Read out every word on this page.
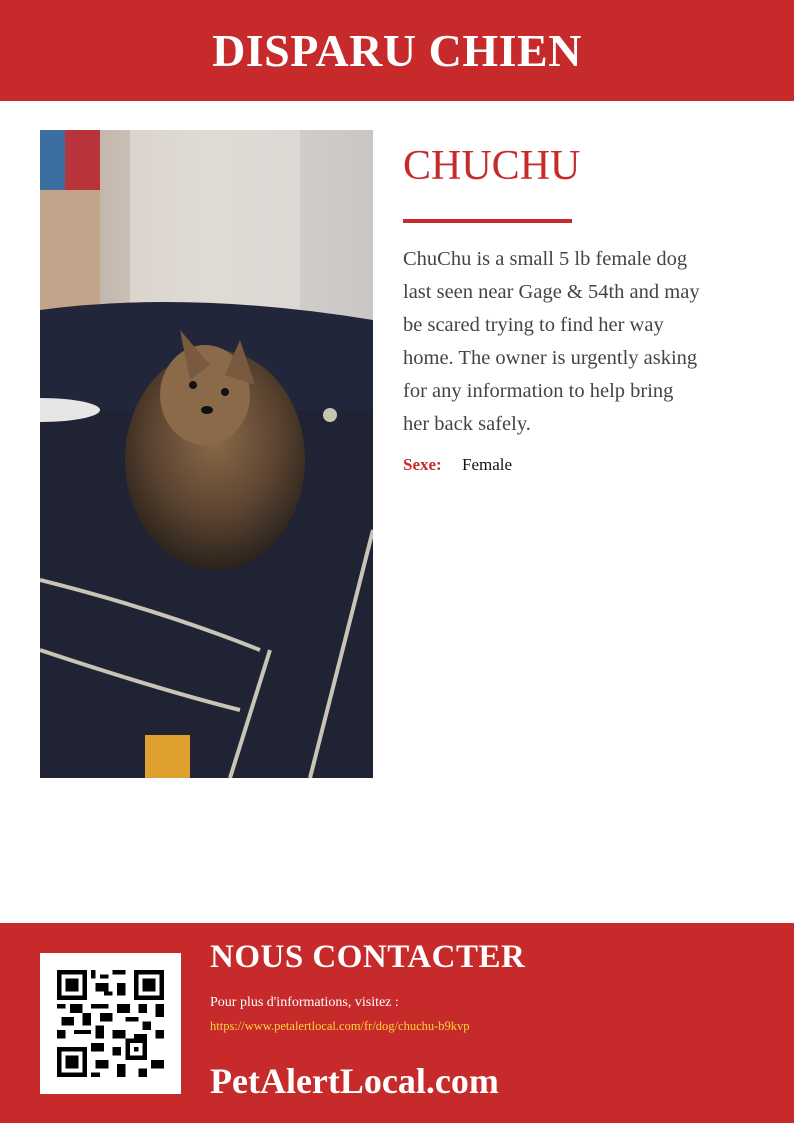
DISPARU CHIEN
CHUCHU
ChuChu is a small 5 lb female dog last seen near Gage & 54th and may be scared trying to find her way home. The owner is urgently asking for any information to help bring her back safely.
Sexe:	Female
NOUS CONTACTER
Pour plus d'informations, visitez :
https://www.petalertlocal.com/fr/dog/chuchu-b9kvp
PetAlertLocal.com
